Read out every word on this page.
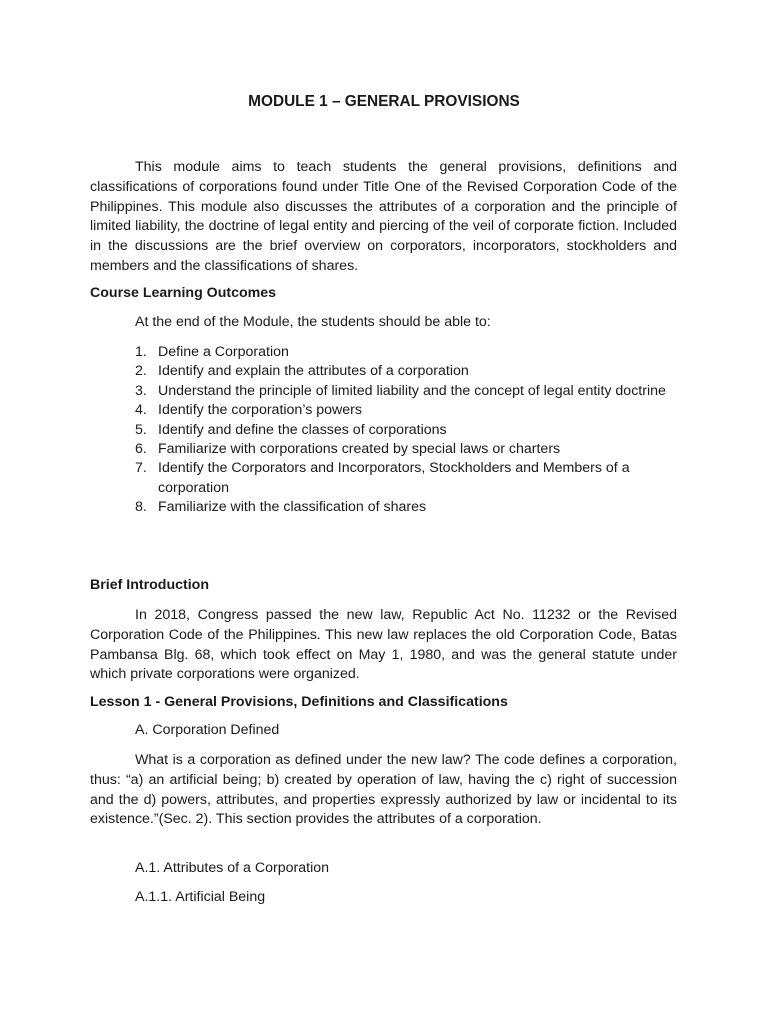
MODULE 1 – GENERAL PROVISIONS

This module aims to teach students the general provisions, definitions and classifications of corporations found under Title One of the Revised Corporation Code of the Philippines. This module also discusses the attributes of a corporation and the principle of limited liability, the doctrine of legal entity and piercing of the veil of corporate fiction. Included in the discussions are the brief overview on corporators, incorporators, stockholders and members and the classifications of shares.

Course Learning Outcomes
At the end of the Module, the students should be able to:
1. Define a Corporation
2. Identify and explain the attributes of a corporation
3. Understand the principle of limited liability and the concept of legal entity doctrine
4. Identify the corporation’s powers
5. Identify and define the classes of corporations
6. Familiarize with corporations created by special laws or charters
7. Identify the Corporators and Incorporators, Stockholders and Members of a corporation
8. Familiarize with the classification of shares
Brief Introduction

In 2018, Congress passed the new law, Republic Act No. 11232 or the Revised Corporation Code of the Philippines. This new law replaces the old Corporation Code, Batas Pambansa Blg. 68, which took effect on May 1, 1980, and was the general statute under which private corporations were organized.

Lesson 1 - General Provisions, Definitions and Classifications
A. Corporation Defined

What is a corporation as defined under the new law? The code defines a corporation, thus: “a) an artificial being; b) created by operation of law, having the c) right of succession and the d) powers, attributes, and properties expressly authorized by law or incidental to its existence.”(Sec. 2). This section provides the attributes of a corporation.

A.1. Attributes of a Corporation
A.1.1. Artificial Being
